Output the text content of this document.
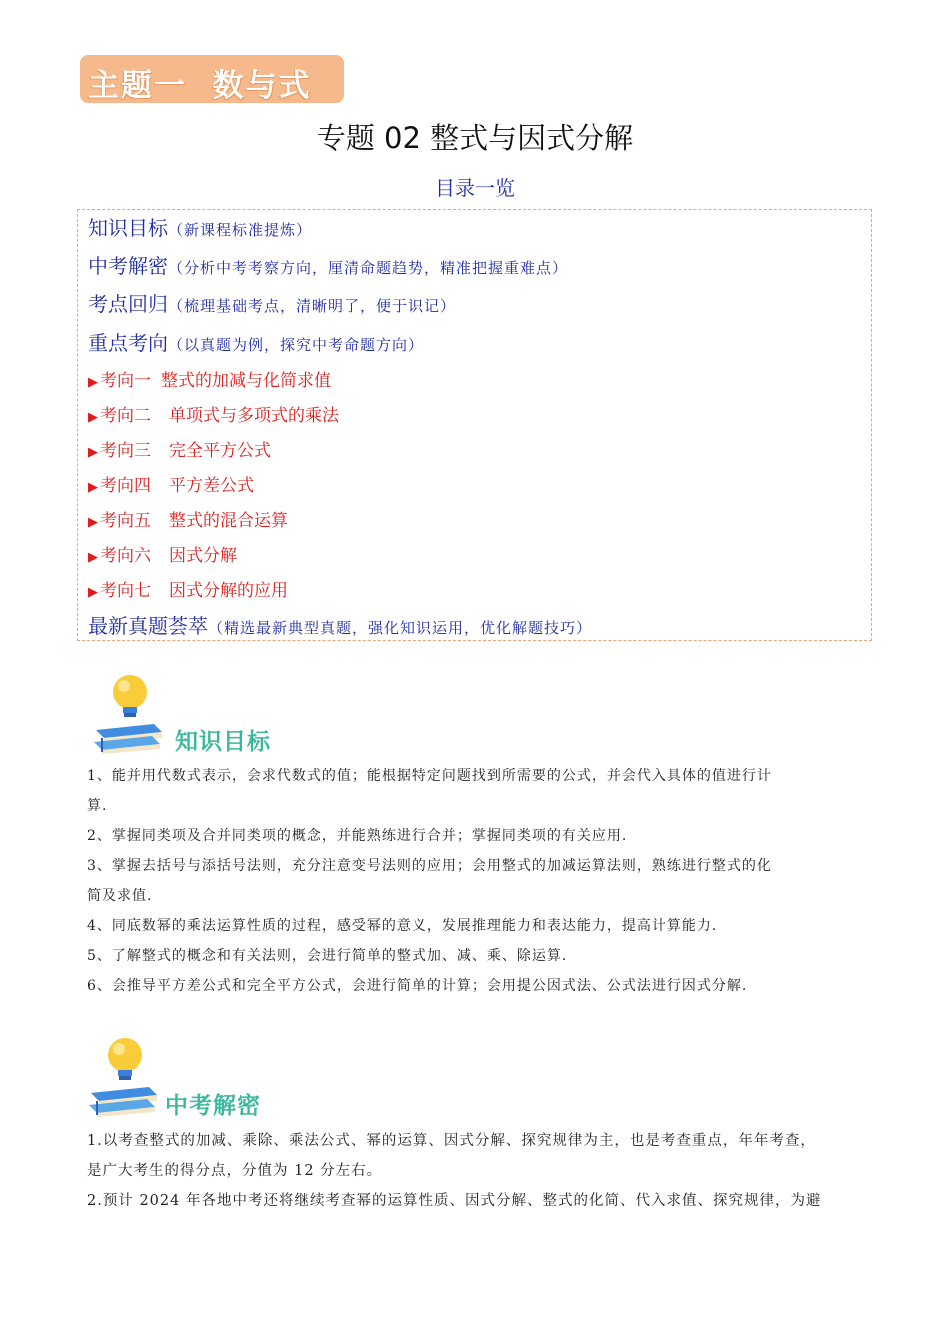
主题一  数与式
专题 02 整式与因式分解
目录一览
知识目标（新课程标准提炼）
中考解密（分析中考考察方向，厘清命题趋势，精准把握重难点）
考点回归（梳理基础考点，清晰明了，便于识记）
重点考向（以真题为例，探究中考命题方向）
▶ 考向一 整式的加减与化简求值
▶ 考向二 单项式与多项式的乘法
▶ 考向三 完全平方公式
▶ 考向四 平方差公式
▶ 考向五 整式的混合运算
▶ 考向六 因式分解
▶ 考向七 因式分解的应用
最新真题荟萃（精选最新典型真题，强化知识运用，优化解题技巧）
知识目标
1、能并用代数式表示，会求代数式的值；能根据特定问题找到所需要的公式，并会代入具体的值进行计
算.
2、掌握同类项及合并同类项的概念，并能熟练进行合并；掌握同类项的有关应用.
3、掌握去括号与添括号法则，充分注意变号法则的应用；会用整式的加减运算法则，熟练进行整式的化
简及求值.
4、同底数幂的乘法运算性质的过程，感受幂的意义，发展推理能力和表达能力，提高计算能力.
5、了解整式的概念和有关法则，会进行简单的整式加、减、乘、除运算.
6、会推导平方差公式和完全平方公式，会进行简单的计算；会用提公因式法、公式法进行因式分解.
中考解密
1.以考查整式的加减、乘除、乘法公式、幂的运算、因式分解、探究规律为主，也是考查重点，年年考查，
是广大考生的得分点，分值为 12 分左右。
2.预计 2024 年各地中考还将继续考查幂的运算性质、因式分解、整式的化简、代入求值、探究规律，为避
